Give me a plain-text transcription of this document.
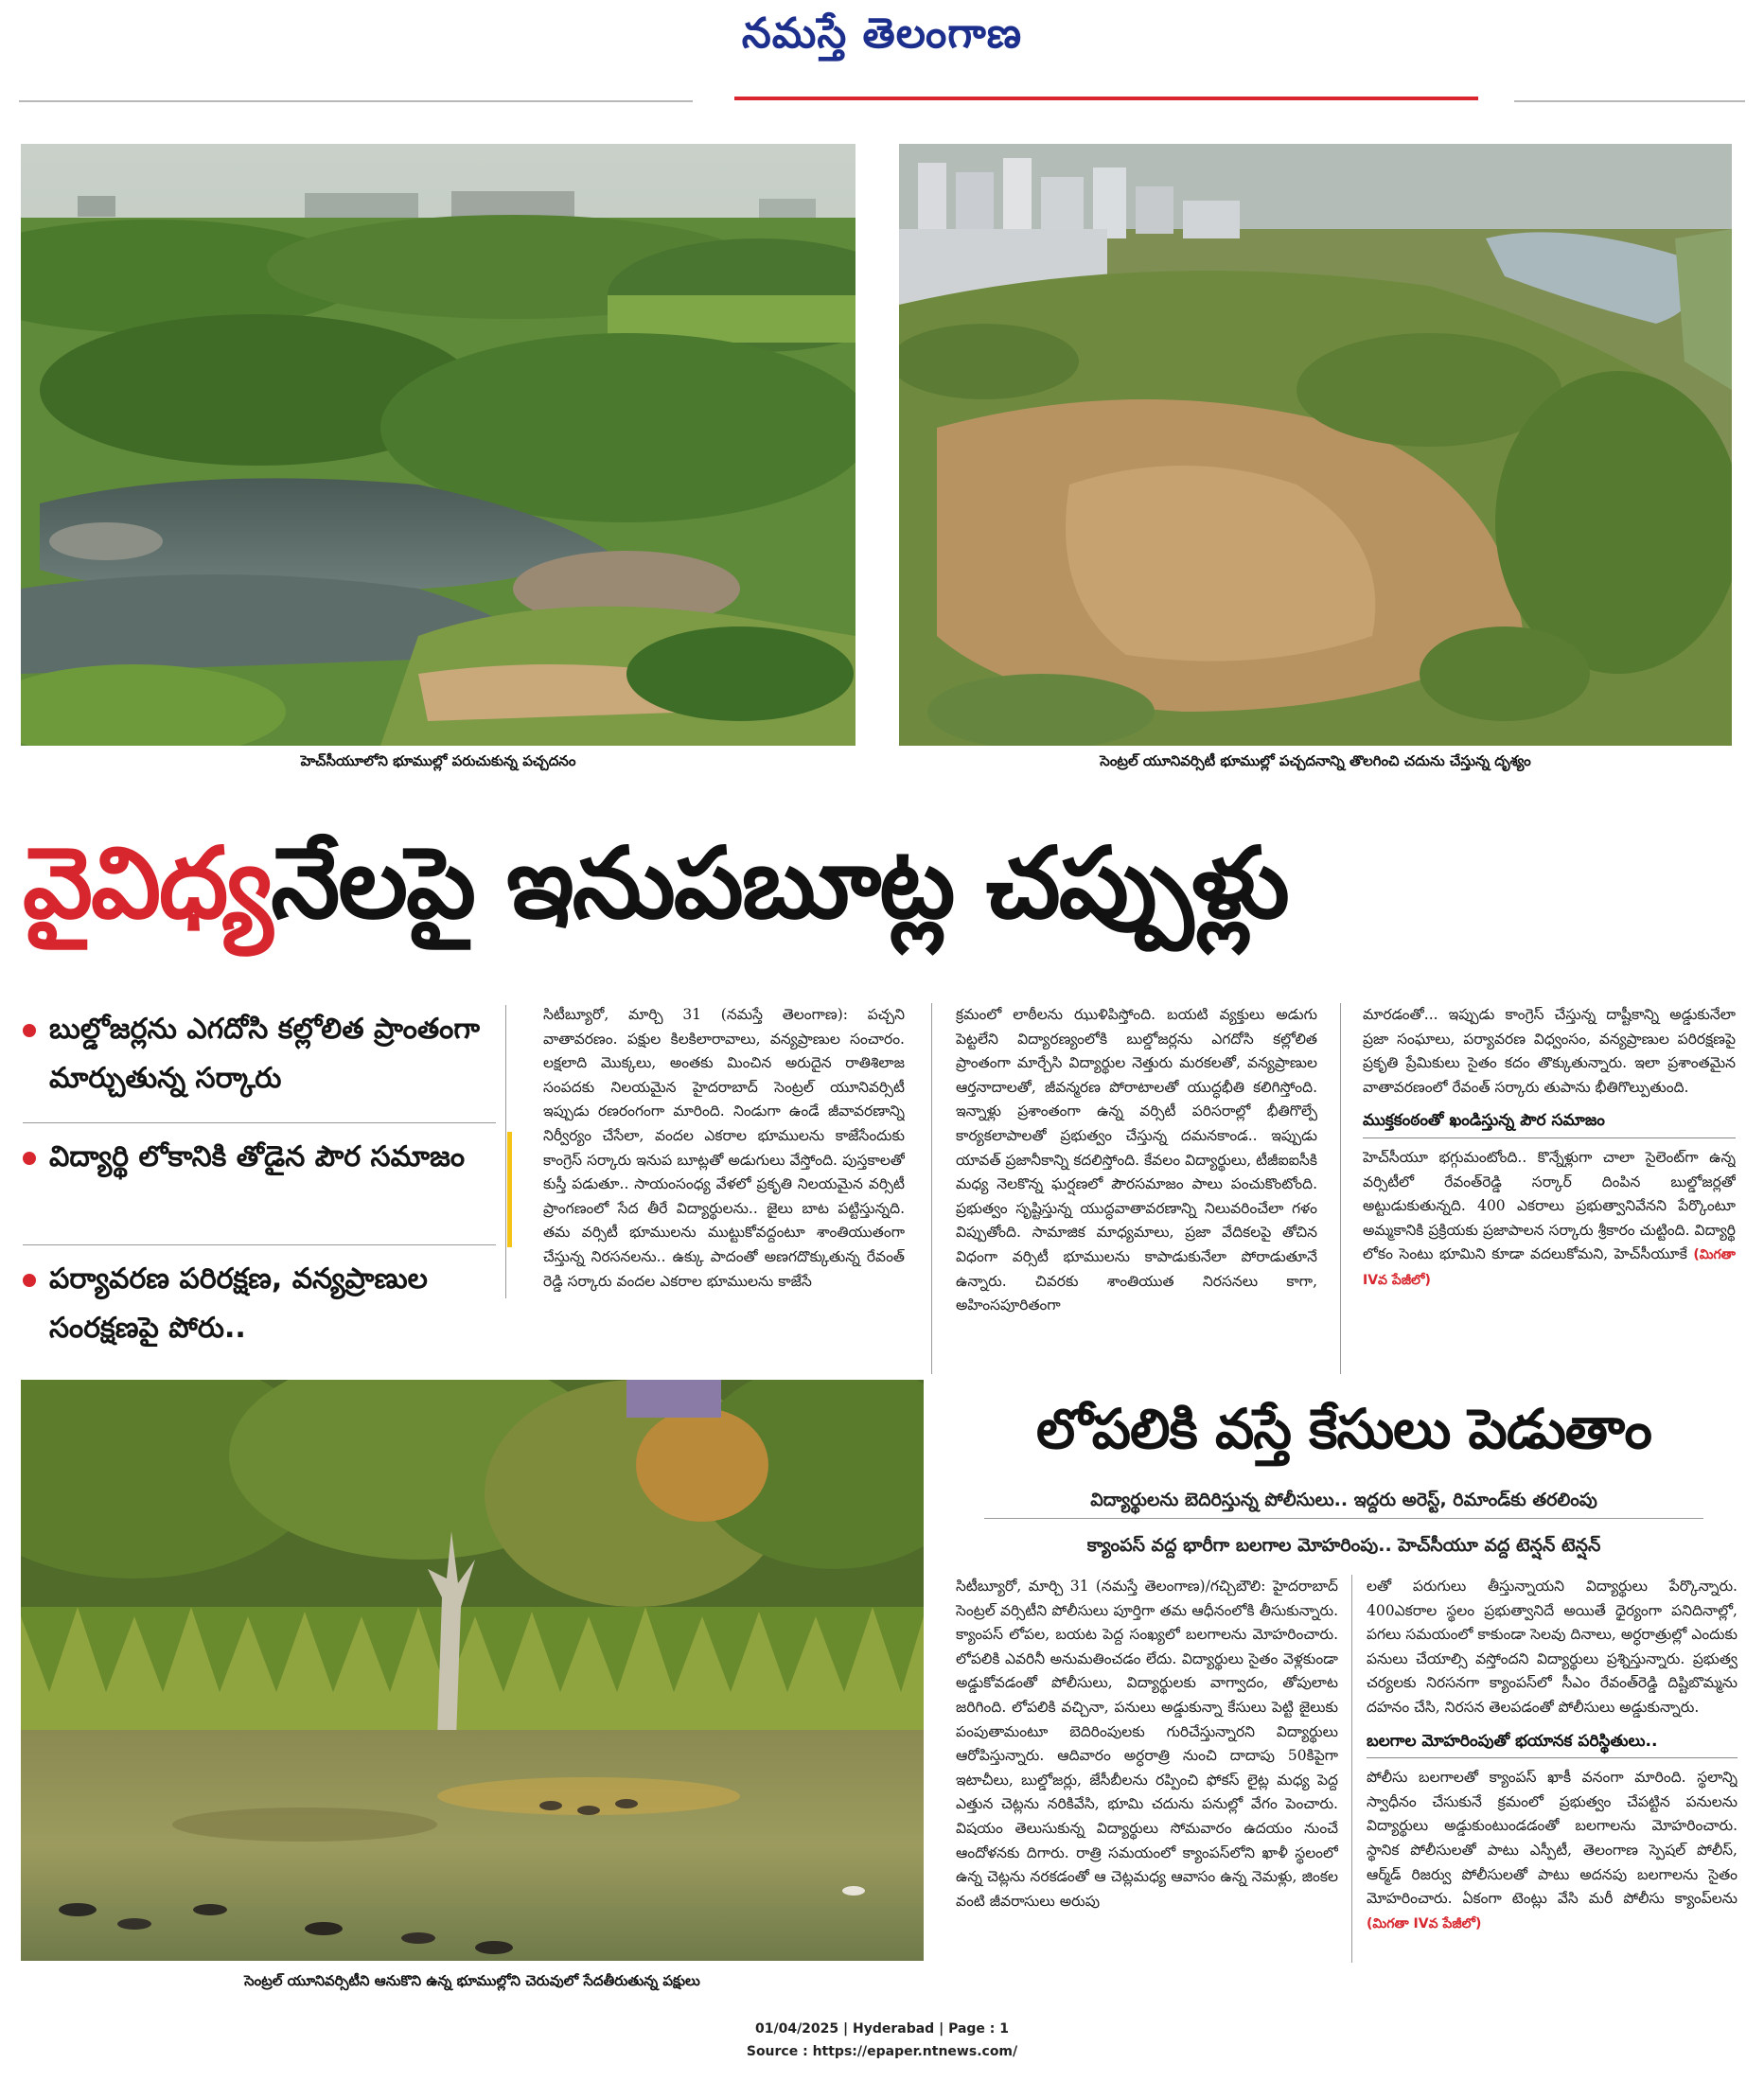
నమస్తే తెలంగాణ
హెచ్‌సీయూలోని భూముల్లో పరుచుకున్న పచ్చదనం	సెంట్రల్ యూనివర్సిటీ భూముల్లో పచ్చదనాన్ని తొలగించి చదును చేస్తున్న దృశ్యం
వైవిధ్యనేలపై ఇనుపబూట్ల చప్పుళ్లు
బుల్డోజర్లను ఎగదోసి కల్లోలిత ప్రాంతంగా మార్చుతున్న సర్కారు
విద్యార్థి లోకానికి తోడైన పౌర సమాజం
పర్యావరణ పరిరక్షణ, వన్యప్రాణుల సంరక్షణపై పోరు..

సిటీబ్యూరో, మార్చి 31 (నమస్తే తెలంగాణ): పచ్చని వాతావరణం. పక్షుల కిలకిలారావాలు, వన్యప్రాణుల సంచారం. లక్షలాది మొక్కలు, అంతకు మించిన అరుదైన రాతిశిలాజ సంపదకు నిలయమైన హైదరాబాద్ సెంట్రల్ యూనివర్సిటీ ఇప్పుడు రణరంగంగా మారింది. నిండుగా ఉండే జీవావరణాన్ని నిర్వీర్యం చేసేలా, వందల ఎకరాల భూములను కాజేసేందుకు కాంగ్రెస్ సర్కారు ఇనుప బూట్లతో అడుగులు వేస్తోంది. పుస్తకాలతో కుస్తీ పడుతూ.. సాయంసంధ్య వేళలో ప్రకృతి నిలయమైన వర్సిటీ ప్రాంగణంలో సేద తీరే విద్యార్థులను.. జైలు బాట పట్టిస్తున్నది. తమ వర్సిటీ భూములను ముట్టుకోవద్దంటూ శాంతియుతంగా చేస్తున్న నిరసనలను.. ఉక్కు పాదంతో అణగదొక్కుతున్న రేవంత్ రెడ్డి సర్కారు వందల ఎకరాల భూములను కాజేసే

క్రమంలో లాఠీలను ఝుళిపిస్తోంది. బయటి వ్యక్తులు అడుగు పెట్టలేని విద్యారణ్యంలోకి బుల్డోజర్లను ఎగదోసి కల్లోలిత ప్రాంతంగా మార్చేసి విద్యార్థుల నెత్తురు మరకలతో, వన్యప్రాణుల ఆర్తనాదాలతో, జీవన్మరణ పోరాటాలతో యుద్ధభీతి కలిగిస్తోంది. ఇన్నాళ్లు ప్రశాంతంగా ఉన్న వర్సిటీ పరిసరాల్లో భీతిగొల్పే కార్యకలాపాలతో ప్రభుత్వం చేస్తున్న దమనకాండ.. ఇప్పుడు యావత్ ప్రజానీకాన్ని కదలిస్తోంది. కేవలం విద్యార్థులు, టీజీఐఐసీకి మధ్య నెలకొన్న ఘర్షణలో పౌరసమాజం పాలు పంచుకొంటోంది. ప్రభుత్వం సృష్టిస్తున్న యుద్ధవాతావరణాన్ని నిలువరించేలా గళం విప్పుతోంది. సామాజిక మాధ్యమాలు, ప్రజా వేదికలపై తోచిన విధంగా వర్సిటీ భూములను కాపాడుకునేలా పోరాడుతూనే ఉన్నారు. చివరకు శాంతియుత నిరసనలు కాగా, అహింసపూరితంగా

మారడంతో... ఇప్పుడు కాంగ్రెస్ చేస్తున్న దాష్టీకాన్ని అడ్డుకునేలా ప్రజా సంఘాలు, పర్యావరణ విధ్వంసం, వన్యప్రాణుల పరిరక్షణపై ప్రకృతి ప్రేమికులు సైతం కదం తొక్కుతున్నారు. ఇలా ప్రశాంతమైన వాతావరణంలో రేవంత్ సర్కారు తుపాను భీతిగొల్పుతుంది.

ముక్తకంఠంతో ఖండిస్తున్న పౌర సమాజం

హెచ్‌సీయూ భగ్గుమంటోంది.. కొన్నేళ్లుగా చాలా సైలెంట్‌గా ఉన్న వర్సిటీలో రేవంత్‌రెడ్డి సర్కార్ దింపిన బుల్డోజర్లతో అట్టుడుకుతున్నది. 400 ఎకరాలు ప్రభుత్వానివేనని పేర్కొంటూ అమ్మకానికి ప్రక్రియకు ప్రజాపాలన సర్కారు శ్రీకారం చుట్టింది. విద్యార్థి లోకం సెంటు భూమిని కూడా వదలుకోమని, హెచ్‌సీయూకే (మిగతా IVవ పేజీలో)

సెంట్రల్ యూనివర్సిటీని ఆనుకొని ఉన్న భూముల్లోని చెరువులో సేదతీరుతున్న పక్షులు
లోపలికి వస్తే కేసులు పెడుతాం
విద్యార్థులను బెదిరిస్తున్న పోలీసులు.. ఇద్దరు అరెస్ట్, రిమాండ్‌కు తరలింపు
క్యాంపస్ వద్ద భారీగా బలగాల మోహరింపు.. హెచ్‌సీయూ వద్ద టెన్షన్ టెన్షన్

సిటీబ్యూరో, మార్చి 31 (నమస్తే తెలంగాణ)/గచ్చిబౌలి: హైదరాబాద్ సెంట్రల్ వర్సిటీని పోలీసులు పూర్తిగా తమ ఆధీనంలోకి తీసుకున్నారు. క్యాంపస్ లోపల, బయట పెద్ద సంఖ్యలో బలగాలను మోహరించారు. లోపలికి ఎవరినీ అనుమతించడం లేదు. విద్యార్థులు సైతం వెళ్లకుండా అడ్డుకోవడంతో పోలీసులు, విద్యార్థులకు వాగ్వాదం, తోపులాట జరిగింది. లోపలికి వచ్చినా, పనులు అడ్డుకున్నా కేసులు పెట్టి జైలుకు పంపుతామంటూ బెదిరింపులకు గురిచేస్తున్నారని విద్యార్థులు ఆరోపిస్తున్నారు. ఆదివారం అర్ధరాత్రి నుంచి దాదాపు 50కిపైగా ఇటాచీలు, బుల్డోజర్లు, జేసీబీలను రప్పించి ఫోకస్ లైట్ల మధ్య పెద్ద ఎత్తున చెట్లను నరికివేసి, భూమి చదును పనుల్లో వేగం పెంచారు. విషయం తెలుసుకున్న విద్యార్థులు సోమవారం ఉదయం నుంచే ఆందోళనకు దిగారు. రాత్రి సమయంలో క్యాంపస్‌లోని ఖాళీ స్థలంలో ఉన్న చెట్లను నరకడంతో ఆ చెట్లమధ్య ఆవాసం ఉన్న నెమళ్లు, జింకల వంటి జీవరాసులు అరుపు

లతో పరుగులు తీస్తున్నాయని విద్యార్థులు పేర్కొన్నారు. 400ఎకరాల స్థలం ప్రభుత్వానిదే అయితే ధైర్యంగా పనిదినాల్లో, పగలు సమయంలో కాకుండా సెలవు దినాలు, అర్ధరాత్రుల్లో ఎందుకు పనులు చేయాల్సి వస్తోందని విద్యార్థులు ప్రశ్నిస్తున్నారు. ప్రభుత్వ చర్యలకు నిరసనగా క్యాంపస్‌లో సీఎం రేవంత్‌రెడ్డి దిష్టిబొమ్మను దహనం చేసి, నిరసన తెలపడంతో పోలీసులు అడ్డుకున్నారు.

బలగాల మోహరింపుతో భయానక పరిస్థితులు..

పోలీసు బలగాలతో క్యాంపస్ ఖాకీ వనంగా మారింది. స్థలాన్ని స్వాధీనం చేసుకునే క్రమంలో ప్రభుత్వం చేపట్టిన పనులను విద్యార్థులు అడ్డుకుంటుండడంతో బలగాలను మోహరించారు. స్థానిక పోలీసులతో పాటు ఎస్పీటీ, తెలంగాణ స్పెషల్ పోలీస్, ఆర్మ్‌డ్ రిజర్వు పోలీసులతో పాటు అదనపు బలగాలను సైతం మోహరించారు. ఏకంగా టెంట్లు వేసి మరీ పోలీసు క్యాంప్‌లను (మిగతా IVవ పేజీలో)

01/04/2025 | Hyderabad | Page : 1
Source : https://epaper.ntnews.com/
